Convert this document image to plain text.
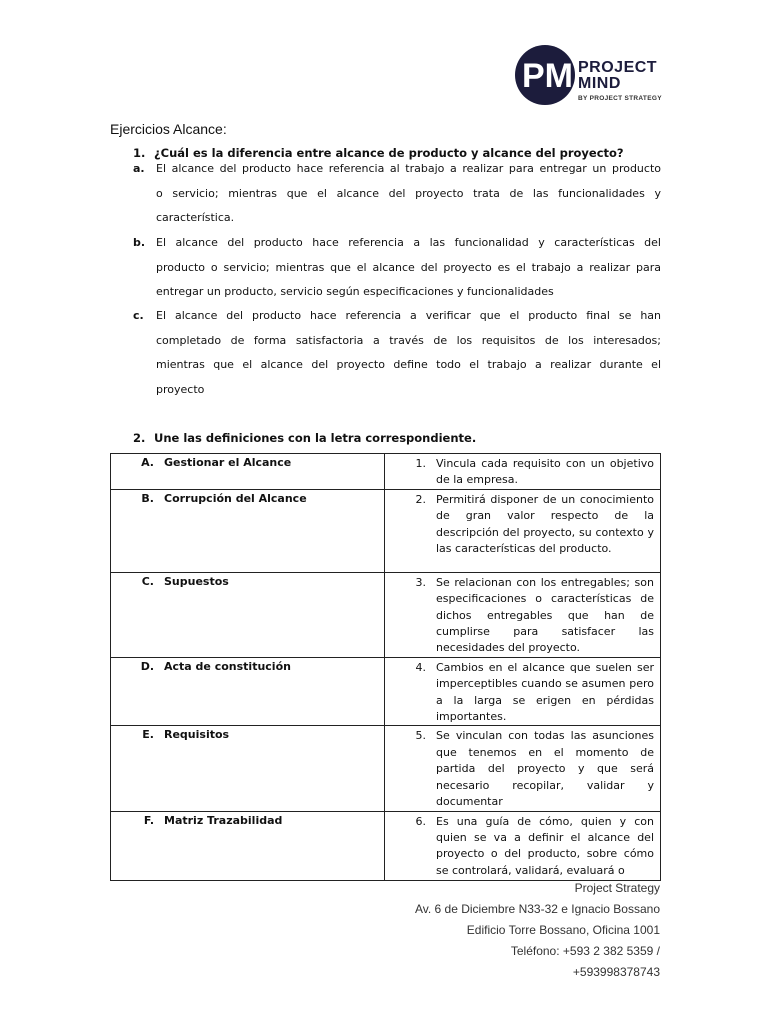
PM PROJECT
MIND
BY PROJECT STRATEGY
Ejercicios Alcance:
1. ¿Cuál es la diferencia entre alcance de producto y alcance del proyecto?
a. El alcance del producto hace referencia al trabajo a realizar para entregar un producto
o servicio; mientras que el alcance del proyecto trata de las funcionalidades y
característica.
b. El alcance del producto hace referencia a las funcionalidad y características del
producto o servicio; mientras que el alcance del proyecto es el trabajo a realizar para
entregar un producto, servicio según especificaciones y funcionalidades
c. El alcance del producto hace referencia a verificar que el producto final se han
completado de forma satisfactoria a través de los requisitos de los interesados;
mientras que el alcance del proyecto define todo el trabajo a realizar durante el
proyecto
2. Une las definiciones con la letra correspondiente.
A. Gestionar el Alcance	1. Vincula cada requisito con un objetivo de la empresa.

B. Corrupción del Alcance	2. Permitirá disponer de un conocimiento de gran valor respecto de la descripción del proyecto, su contexto y las características del producto.

C. Supuestos	3. Se relacionan con los entregables; son especificaciones o características de dichos entregables que han de cumplirse para satisfacer las necesidades del proyecto.

D. Acta de constitución	4. Cambios en el alcance que suelen ser imperceptibles cuando se asumen pero a la larga se erigen en pérdidas importantes.

E. Requisitos	5. Se vinculan con todas las asunciones que tenemos en el momento de partida del proyecto y que será necesario recopilar, validar y documentar

F. Matriz Trazabilidad	6. Es una guía de cómo, quien y con quien se va a definir el alcance del proyecto o del producto, sobre cómo se controlará, validará, evaluará o
Project Strategy
Av. 6 de Diciembre N33-32 e Ignacio Bossano
Edificio Torre Bossano, Oficina 1001
Teléfono: +593 2 382 5359 /
+593998378743
